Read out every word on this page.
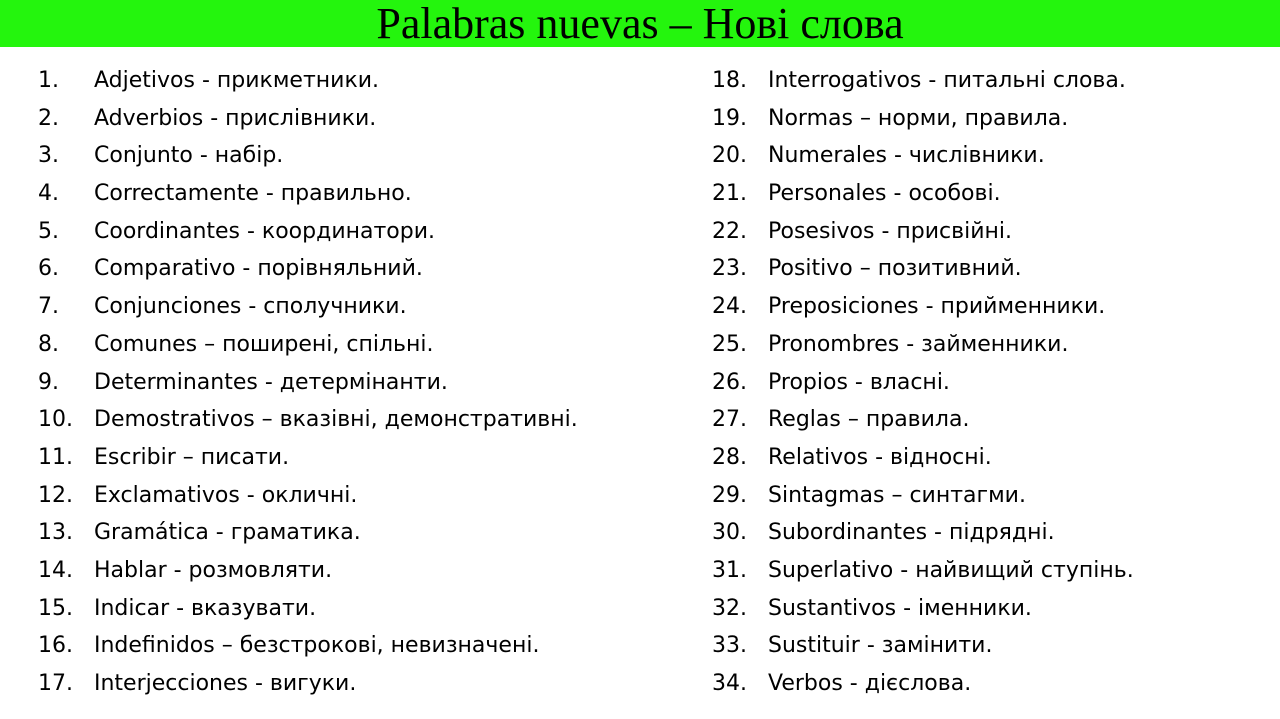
Palabras nuevas – Нові слова
1.	Adjetivos - прикметники.
2.	Adverbios - прислівники.
3.	Conjunto - набір.
4.	Correctamente - правильно.
5.	Coordinantes - координатори.
6.	Comparativo - порівняльний.
7.	Conjunciones - сполучники.
8.	Comunes – поширені, спільні.
9.	Determinantes - детермінанти.
10. Demostrativos – вказівні, демонстративні.
11. Escribir – писати.
12. Exclamativos - окличні.
13. Gramática - граматика.
14. Hablar - розмовляти.
15. Indicar - вказувати.
16. Indefinidos – безстрокові, невизначені.
17. Interjecciones - вигуки.
18. Interrogativos - питальні слова.
19. Normas – норми, правила.
20. Numerales - числівники.
21. Personales - особові.
22. Posesivos - присвійні.
23. Positivo – позитивний.
24. Preposiciones - прийменники.
25. Pronombres - займенники.
26. Propios - власні.
27. Reglas – правила.
28. Relativos - відносні.
29. Sintagmas – синтагми.
30. Subordinantes - підрядні.
31. Superlativo - найвищий ступінь.
32. Sustantivos - іменники.
33. Sustituir - замінити.
34. Verbos - дієслова.
